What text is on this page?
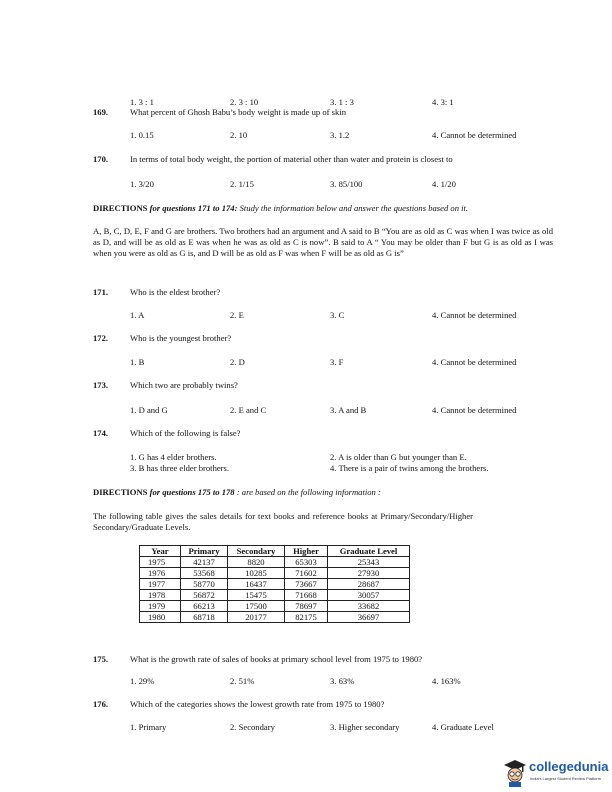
1. 3 : 1	2. 3 : 10	3. 1 : 3	4. 3: 1
169.	What percent of Ghosh Babu’s body weight is made up of skin
1. 0.15	2. 10	3. 1.2	4. Cannot be determined
170.	In terms of total body weight, the portion of material other than water and protein is closest to
1. 3/20	2. 1/15	3. 85/100	4. 1/20
DIRECTIONS for questions 171 to 174: Study the information below and answer the questions based on it.
A, B, C, D, E, F and G are brothers. Two brothers had an argument and A said to B “You are as old as C was when I was twice as old as D, and will be as old as E was when he was as old as C is now”. B said to A “ You may be older than F but G is as old as I was when you were as old as G is, and D will be as old as F was when F will be as old as G is”
171.	Who is the eldest brother?
1. A	2. E	3. C	4. Cannot be determined
172.	Who is the youngest brother?
1. B	2. D	3. F	4. Cannot be determined
173.	Which two are probably twins?
1. D and G	2. E and C	3. A and B	4. Cannot be determined
174.	Which of the following is false?
1. G has 4 elder brothers.	2. A is older than G but younger than E.
3. B has three elder brothers.	4. There is a pair of twins among the brothers.
DIRECTIONS for questions 175 to 178 : are based on the following information :
The following table gives the sales details for text books and reference books at Primary/Secondary/Higher Secondary/Graduate Levels.
Year	Primary	Secondary	Higher	Graduate Level
1975	42137	8820	65303	25343
1976	53568	10285	71602	27930
1977	58770	16437	73667	28687
1978	56872	15475	71668	30057
1979	66213	17500	78697	33682
1980	68718	20177	82175	36697
175.	What is the growth rate of sales of books at primary school level from 1975 to 1980?
1. 29%	2. 51%	3. 63%	4. 163%
176.	Which of the categories shows the lowest growth rate from 1975 to 1980?
1. Primary	2. Secondary	3. Higher secondary	4. Graduate Level
collegedunia
India's Largest Student Review Platform
